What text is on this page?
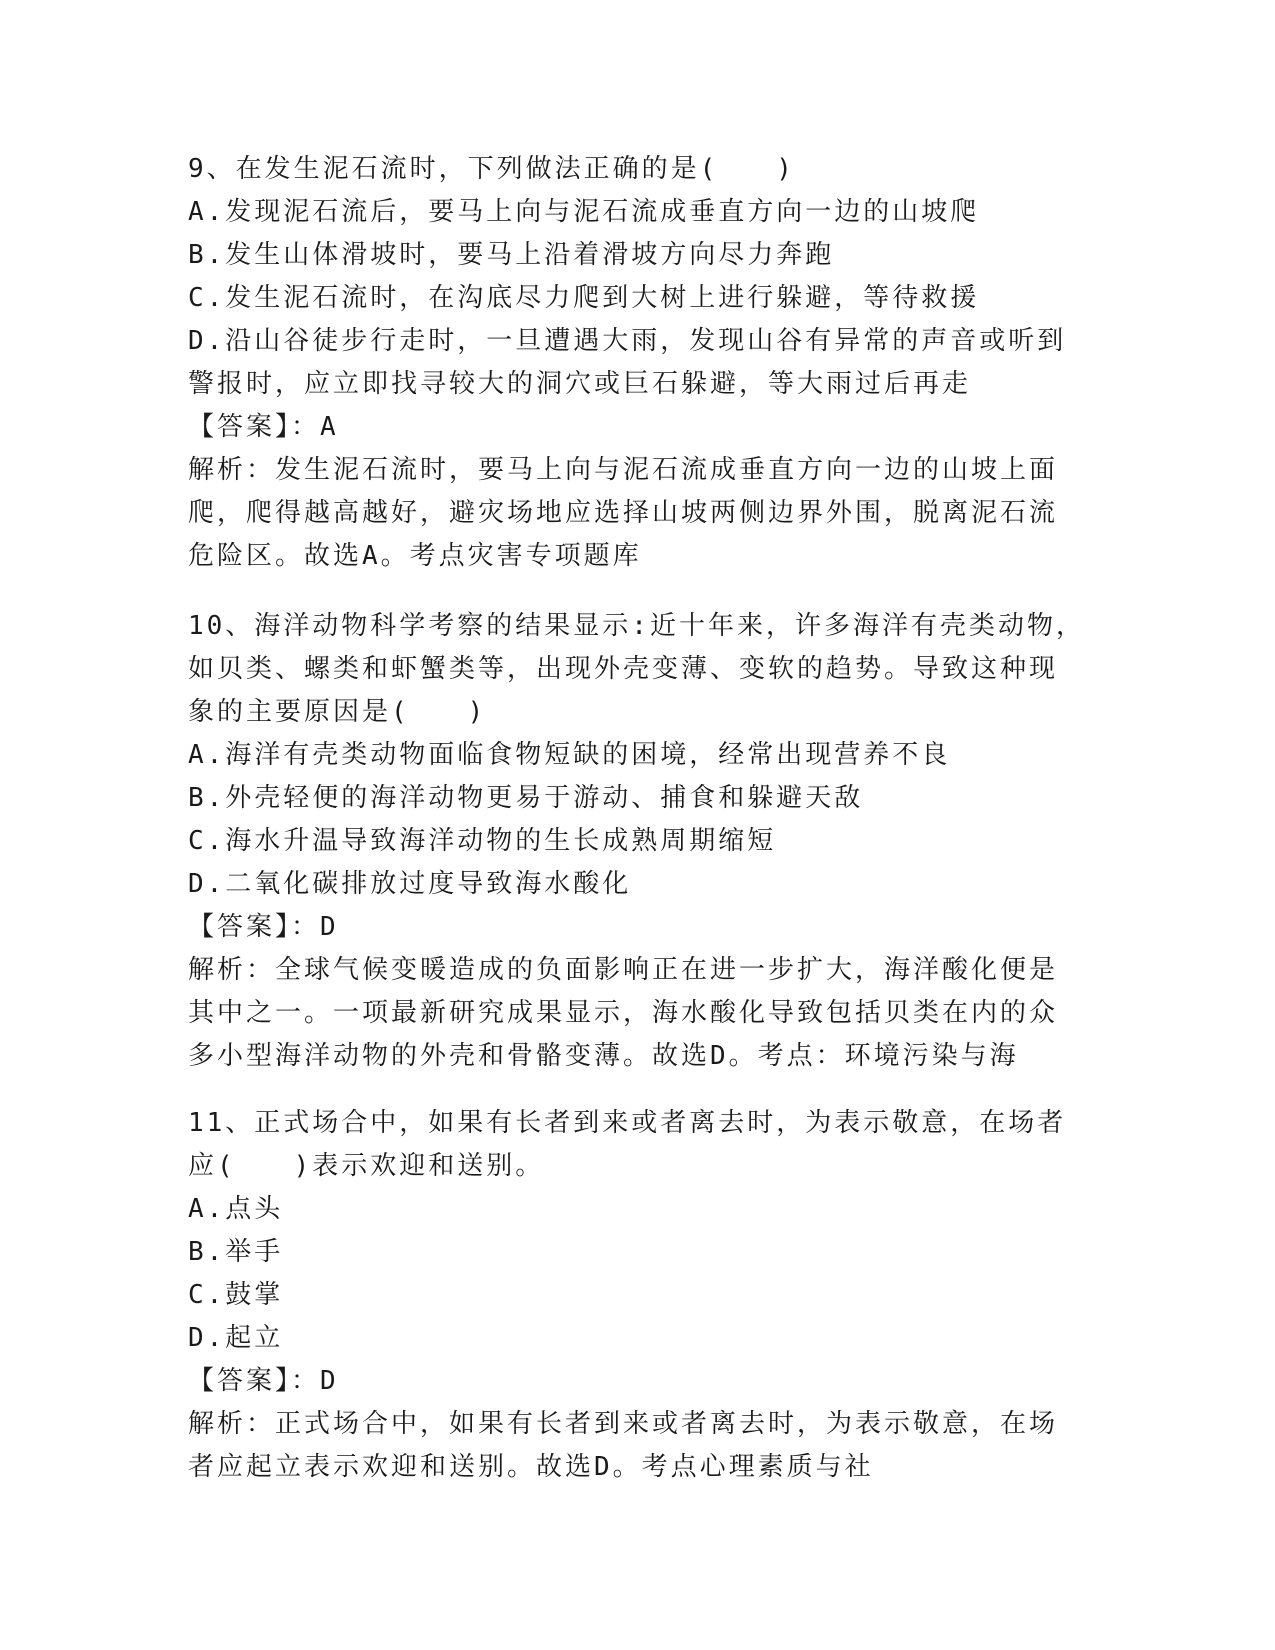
9、在发生泥石流时，下列做法正确的是(　　)
A.发现泥石流后，要马上向与泥石流成垂直方向一边的山坡爬
B.发生山体滑坡时，要马上沿着滑坡方向尽力奔跑
C.发生泥石流时，在沟底尽力爬到大树上进行躲避，等待救援
D.沿山谷徒步行走时，一旦遭遇大雨，发现山谷有异常的声音或听到
警报时，应立即找寻较大的洞穴或巨石躲避，等大雨过后再走
【答案】：A
解析：发生泥石流时，要马上向与泥石流成垂直方向一边的山坡上面
爬，爬得越高越好，避灾场地应选择山坡两侧边界外围，脱离泥石流
危险区。故选A。考点灾害专项题库
10、海洋动物科学考察的结果显示:近十年来，许多海洋有壳类动物，
如贝类、螺类和虾蟹类等，出现外壳变薄、变软的趋势。导致这种现
象的主要原因是(　　)
A.海洋有壳类动物面临食物短缺的困境，经常出现营养不良
B.外壳轻便的海洋动物更易于游动、捕食和躲避天敌
C.海水升温导致海洋动物的生长成熟周期缩短
D.二氧化碳排放过度导致海水酸化
【答案】：D
解析：全球气候变暖造成的负面影响正在进一步扩大，海洋酸化便是
其中之一。一项最新研究成果显示，海水酸化导致包括贝类在内的众
多小型海洋动物的外壳和骨骼变薄。故选D。考点：环境污染与海
11、正式场合中，如果有长者到来或者离去时，为表示敬意，在场者
应(　　)表示欢迎和送别。
A.点头
B.举手
C.鼓掌
D.起立
【答案】：D
解析：正式场合中，如果有长者到来或者离去时，为表示敬意，在场
者应起立表示欢迎和送别。故选D。考点心理素质与社
